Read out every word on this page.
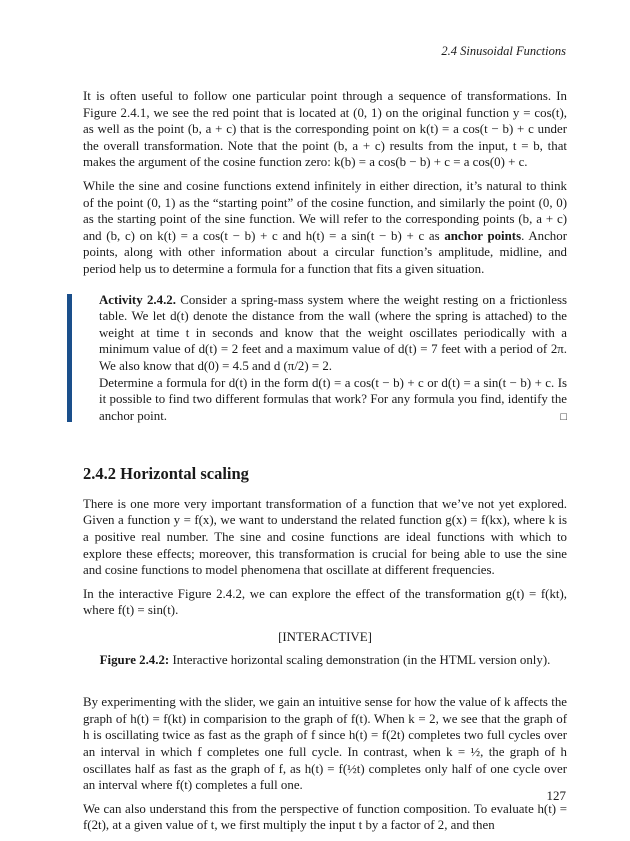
2.4 Sinusoidal Functions

It is often useful to follow one particular point through a sequence of transformations. In Figure 2.4.1, we see the red point that is located at (0, 1) on the original function y = cos(t), as well as the point (b, a + c) that is the corresponding point on k(t) = a cos(t − b) + c under the overall transformation. Note that the point (b, a + c) results from the input, t = b, that makes the argument of the cosine function zero: k(b) = a cos(b − b) + c = a cos(0) + c.

While the sine and cosine functions extend infinitely in either direction, it’s natural to think of the point (0, 1) as the “starting point” of the cosine function, and similarly the point (0, 0) as the starting point of the sine function. We will refer to the corresponding points (b, a + c) and (b, c) on k(t) = a cos(t − b) + c and h(t) = a sin(t − b) + c as anchor points. Anchor points, along with other information about a circular function’s amplitude, midline, and period help us to determine a formula for a function that fits a given situation.

Activity 2.4.2. Consider a spring-mass system where the weight resting on a frictionless table. We let d(t) denote the distance from the wall (where the spring is attached) to the weight at time t in seconds and know that the weight oscillates periodically with a minimum value of d(t) = 2 feet and a maximum value of d(t) = 7 feet with a period of 2π. We also know that d(0) = 4.5 and d (π/2) = 2.

Determine a formula for d(t) in the form d(t) = a cos(t − b) + c or d(t) = a sin(t − b) + c. Is it possible to find two different formulas that work? For any formula you find, identify the anchor point.	□

2.4.2 Horizontal scaling

There is one more very important transformation of a function that we’ve not yet explored. Given a function y = f(x), we want to understand the related function g(x) = f(kx), where k is a positive real number. The sine and cosine functions are ideal functions with which to explore these effects; moreover, this transformation is crucial for being able to use the sine and cosine functions to model phenomena that oscillate at different frequencies.

In the interactive Figure 2.4.2, we can explore the effect of the transformation g(t) = f(kt), where f(t) = sin(t).

[INTERACTIVE]
Figure 2.4.2: Interactive horizontal scaling demonstration (in the HTML version only).

By experimenting with the slider, we gain an intuitive sense for how the value of k affects the graph of h(t) = f(kt) in comparision to the graph of f(t). When k = 2, we see that the graph of h is oscillating twice as fast as the graph of f since h(t) = f(2t) completes two full cycles over an interval in which f completes one full cycle. In contrast, when k = ½, the graph of h oscillates half as fast as the graph of f, as h(t) = f(½t) completes only half of one cycle over an interval where f(t) completes a full one.

We can also understand this from the perspective of function composition. To evaluate h(t) = f(2t), at a given value of t, we first multiply the input t by a factor of 2, and then

127
